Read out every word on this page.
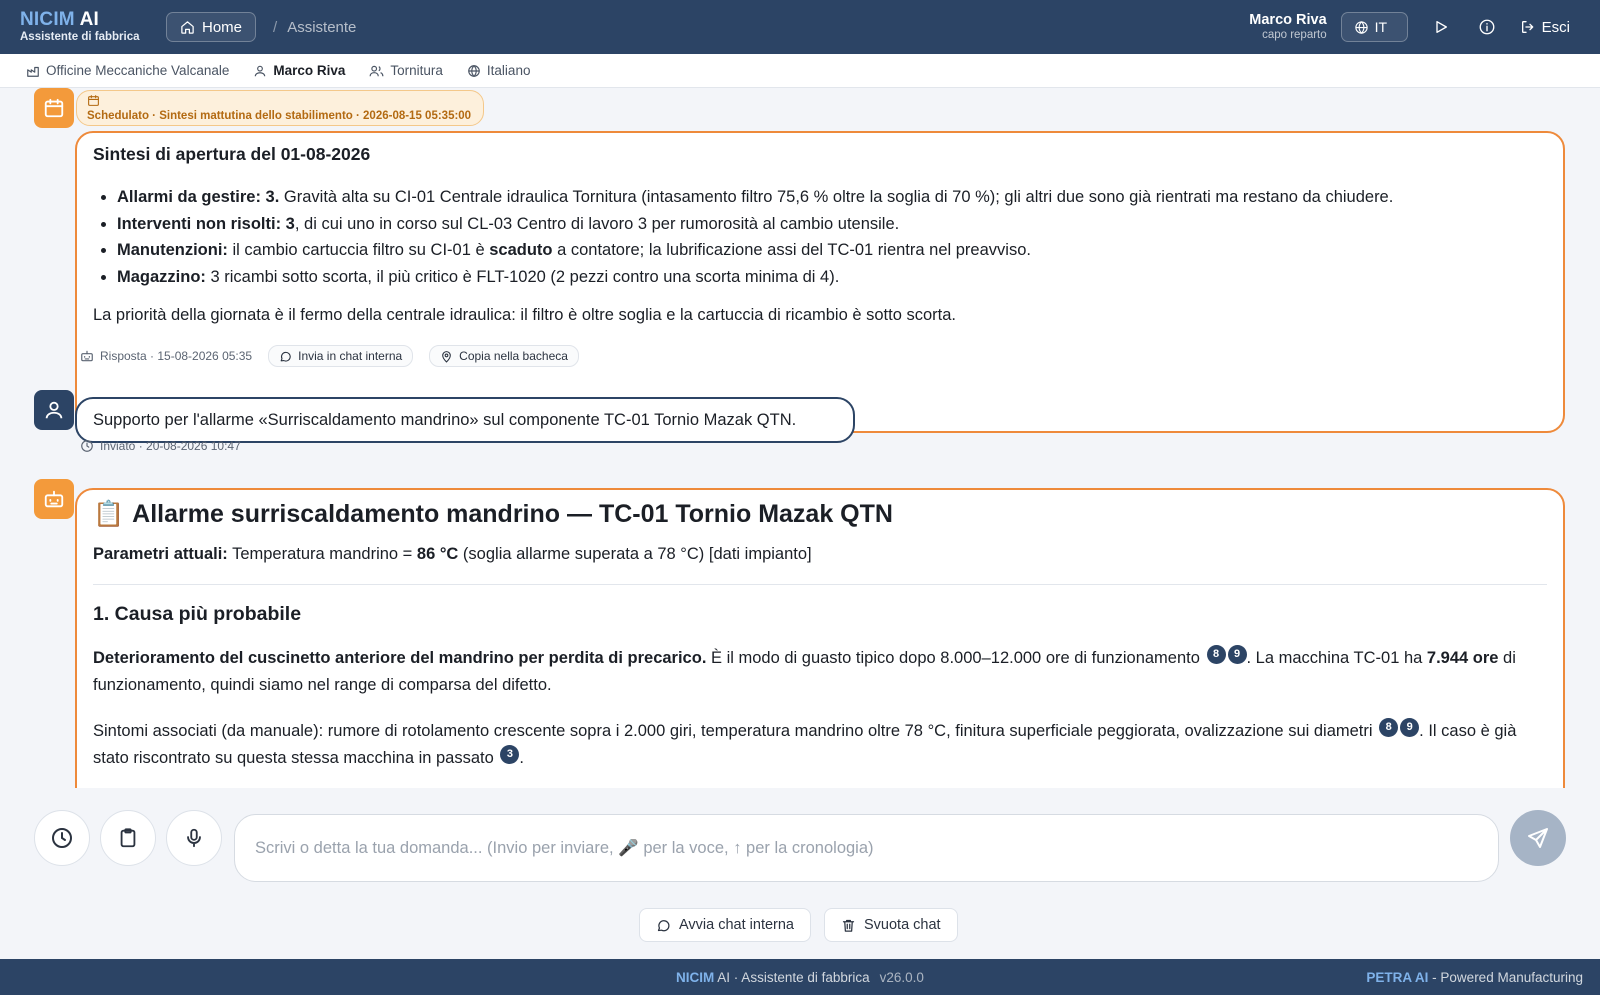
NICIM AI
Assistente di fabbrica
Home / Assistente	Marco Riva
capo reparto	IT	Esci
Officine Meccaniche Valcanale	Marco Riva	Tornitura	Italiano
Schedulato · Sintesi mattutina dello stabilimento · 2026-08-15 05:35:00
Sintesi di apertura del 01-08-2026
• Allarmi da gestire: 3. Gravità alta su CI-01 Centrale idraulica Tornitura (intasamento filtro 75,6 % oltre la soglia di 70 %); gli altri due sono già rientrati ma restano da chiudere.
• Interventi non risolti: 3, di cui uno in corso sul CL-03 Centro di lavoro 3 per rumorosità al cambio utensile.
• Manutenzioni: il cambio cartuccia filtro su CI-01 è scaduto a contatore; la lubrificazione assi del TC-01 rientra nel preavviso.
• Magazzino: 3 ricambi sotto scorta, il più critico è FLT-1020 (2 pezzi contro una scorta minima di 4).
La priorità della giornata è il fermo della centrale idraulica: il filtro è oltre soglia e la cartuccia di ricambio è sotto scorta.
Risposta · 15-08-2026 05:35	Invia in chat interna	Copia nella bacheca
Supporto per l'allarme «Surriscaldamento mandrino» sul componente TC-01 Tornio Mazak QTN.
Inviato · 20-08-2026 10:47
📋 Allarme surriscaldamento mandrino — TC-01 Tornio Mazak QTN
Parametri attuali: Temperatura mandrino = 86 °C (soglia allarme superata a 78 °C) [dati impianto]
1. Causa più probabile
Deterioramento del cuscinetto anteriore del mandrino per perdita di precarico. È il modo di guasto tipico dopo 8.000–12.000 ore di funzionamento 8 9 . La macchina TC-01 ha 7.944 ore di funzionamento, quindi siamo nel range di comparsa del difetto.
Sintomi associati (da manuale): rumore di rotolamento crescente sopra i 2.000 giri, temperatura mandrino oltre 78 °C, finitura superficiale peggiorata, ovalizzazione sui diametri 8 9 . Il caso è già stato riscontrato su questa stessa macchina in passato 3 .
Scrivi o detta la tua domanda... (Invio per inviare, 🎤 per la voce, ↑ per la cronologia)
Avvia chat interna	Svuota chat
NICIM AI · Assistente di fabbrica v26.0.0	PETRA AI - Powered Manufacturing
